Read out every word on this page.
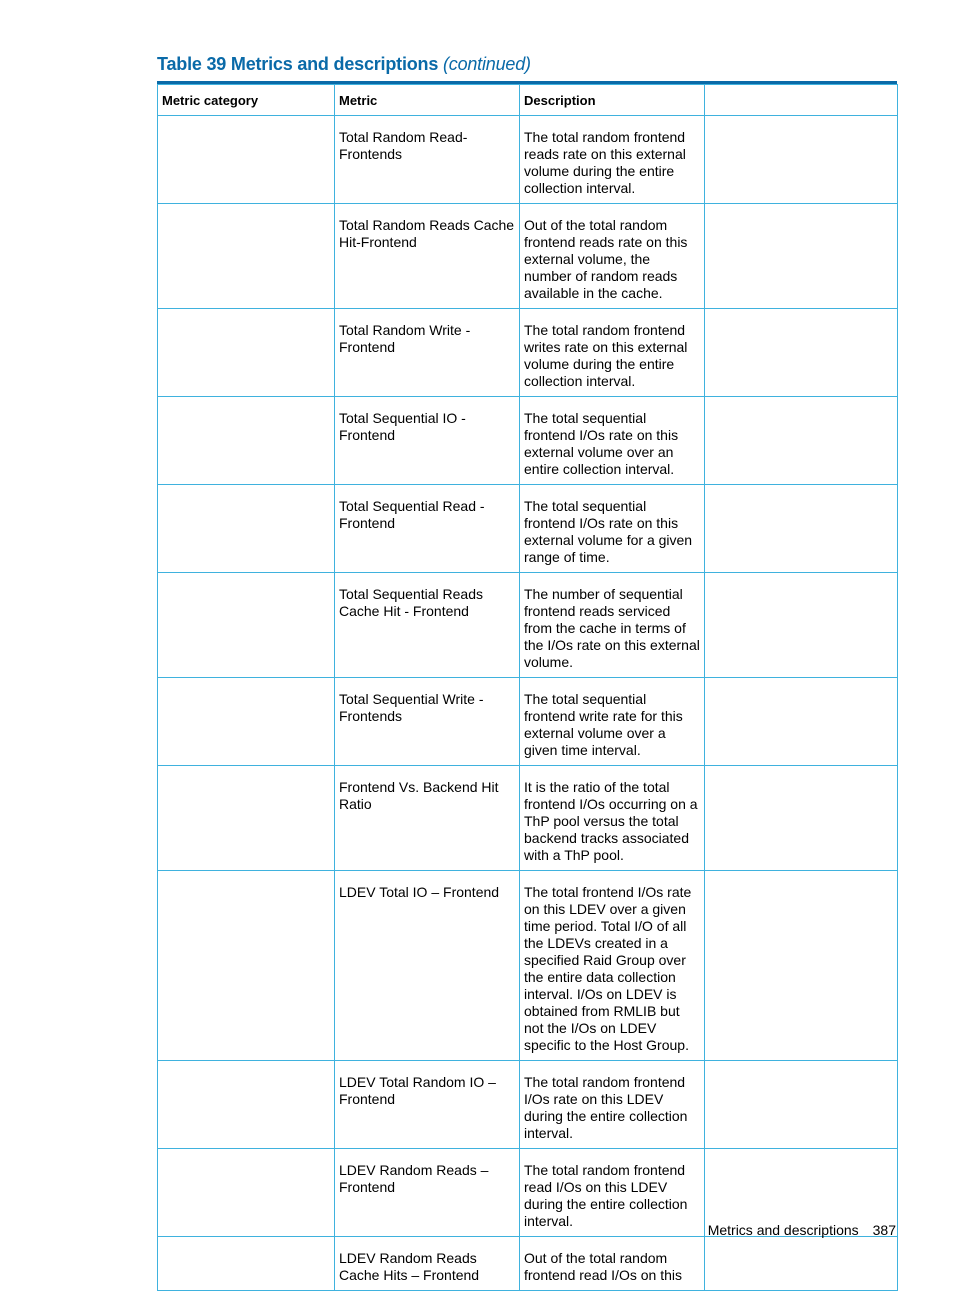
Table 39 Metrics and descriptions (continued)
Metric category	Metric	Description	
	Total Random Read-Frontends	The total random frontend reads rate on this external volume during the entire collection interval.	
	Total Random Reads Cache Hit-Frontend	Out of the total random frontend reads rate on this external volume, the number of random reads available in the cache.	
	Total Random Write - Frontend	The total random frontend writes rate on this external volume during the entire collection interval.	
	Total Sequential IO - Frontend	The total sequential frontend I/Os rate on this external volume over an entire collection interval.	
	Total Sequential Read - Frontend	The total sequential frontend I/Os rate on this external volume for a given range of time.	
	Total Sequential Reads Cache Hit - Frontend	The number of sequential frontend reads serviced from the cache in terms of the I/Os rate on this external volume.	
	Total Sequential Write - Frontends	The total sequential frontend write rate for this external volume over a given time interval.	
	Frontend Vs. Backend Hit Ratio	It is the ratio of the total frontend I/Os occurring on a ThP pool versus the total backend tracks associated with a ThP pool.	
	LDEV Total IO – Frontend	The total frontend I/Os rate on this LDEV over a given time period. Total I/O of all the LDEVs created in a specified Raid Group over the entire data collection interval. I/Os on LDEV is obtained from RMLIB but not the I/Os on LDEV specific to the Host Group.	
	LDEV Total Random IO – Frontend	The total random frontend I/Os rate on this LDEV during the entire collection interval.	
	LDEV Random Reads – Frontend	The total random frontend read I/Os on this LDEV during the entire collection interval.	
	LDEV Random Reads Cache Hits – Frontend	Out of the total random frontend read I/Os on this	
Metrics and descriptions 387
